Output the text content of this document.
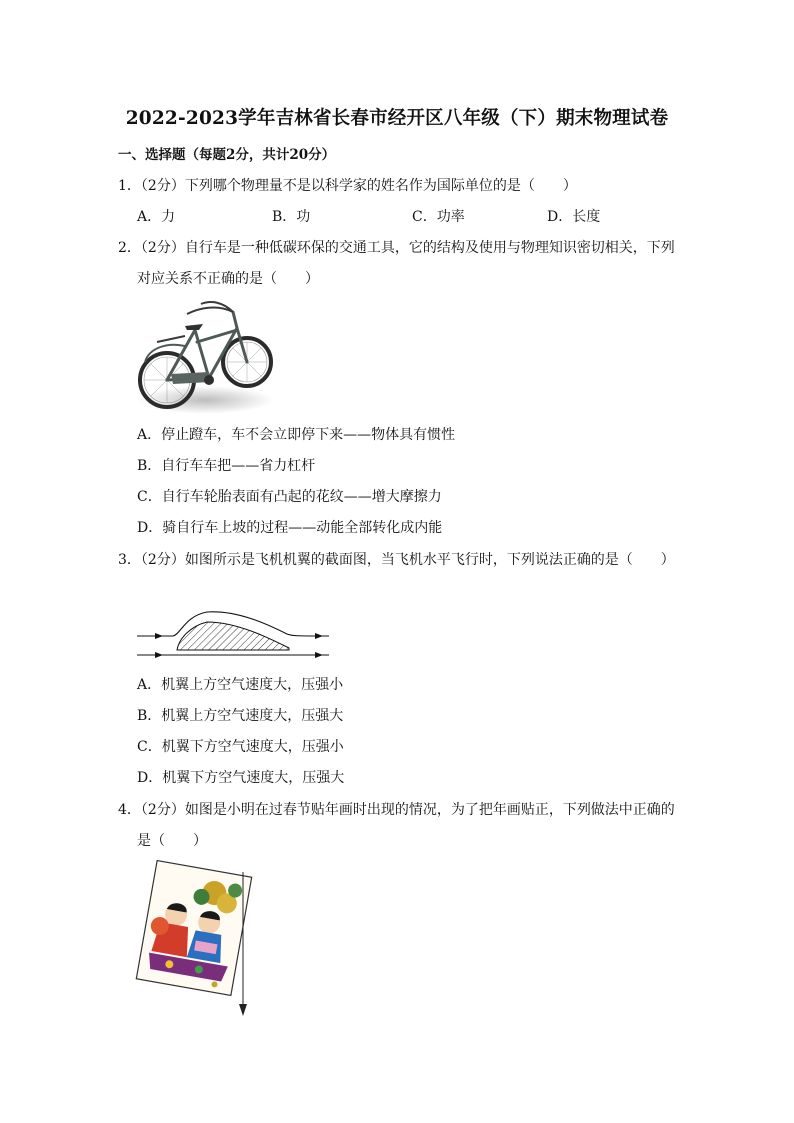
2022-2023学年吉林省长春市经开区八年级（下）期末物理试卷
一、选择题（每题2分，共计20分）
1．（2分）下列哪个物理量不是以科学家的姓名作为国际单位的是（　　）
A．力	B．功	C．功率	D．长度
2．（2分）自行车是一种低碳环保的交通工具，它的结构及使用与物理知识密切相关，下列
对应关系不正确的是（　　）
A．停止蹬车，车不会立即停下来——物体具有惯性
B．自行车车把——省力杠杆
C．自行车轮胎表面有凸起的花纹——增大摩擦力
D．骑自行车上坡的过程——动能全部转化成内能
3．（2分）如图所示是飞机机翼的截面图，当飞机水平飞行时，下列说法正确的是（　　）
A．机翼上方空气速度大，压强小
B．机翼上方空气速度大，压强大
C．机翼下方空气速度大，压强小
D．机翼下方空气速度大，压强大
4．（2分）如图是小明在过春节贴年画时出现的情况，为了把年画贴正，下列做法中正确的
是（　　）
